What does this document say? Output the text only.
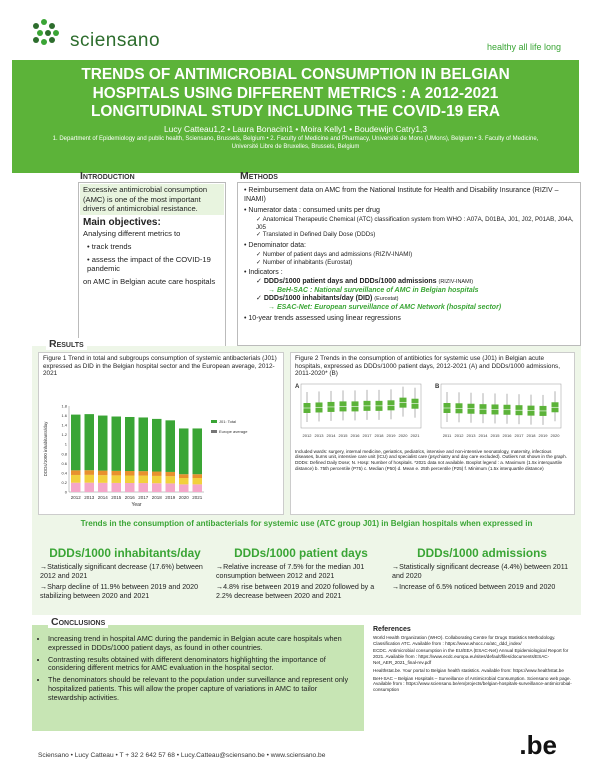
sciensano	healthy all life long
TRENDS OF ANTIMICROBIAL CONSUMPTION IN BELGIAN
HOSPITALS USING DIFFERENT METRICS : A 2012-2021
LONGITUDINAL STUDY INCLUDING THE COVID-19 ERA
Lucy Catteau1,2 • Laura Bonacini1 • Moira Kelly1 • Boudewijn Catry1,3
1. Department of Epidemiology and public health, Sciensano, Brussels, Belgium • 2. Faculty of Medicine and Pharmacy, Université de Mons (UMons), Belgium • 3. Faculty of Medicine, Université Libre de Bruxelles, Brussels, Belgium
Introduction
Excessive antimicrobial consumption (AMC) is one of the most important drivers of antimicrobial resistance.
Main objectives:
Analysing different metrics to
• track trends
• assess the impact of the COVID-19 pandemic
on AMC in Belgian acute care hospitals
Methods
• Reimbursement data on AMC from the National Institute for Health and Disability Insurance (RIZIV – INAMI)
• Numerator data : consumed units per drug
✓ Anatomical Therapeutic Chemical (ATC) classification system from WHO : A07A, D01BA, J01, J02, P01AB, J04A, J05
✓ Translated in Defined Daily Dose (DDDs)
• Denominator data:
✓ Number of patient days and admissions (RIZIV-INAMI)
✓ Number of inhabitants (Eurostat)
• Indicators :
✓ DDDs/1000 patient days and DDDs/1000 admissions (RIZIV-INAMI)
→ BeH-SAC : National surveillance of AMC in Belgian hospitals
✓ DDDs/1000 inhabitants/day (DID) (Eurostat)
→ ESAC-Net: European surveillance of AMC Network (hospital sector)
• 10-year trends assessed using linear regressions
Results
Figure 1 Trend in total and subgroups consumption of systemic antibacterials (J01) expressed as DID in the Belgian hospital sector and the European average, 2012-2021
2012 2013 2014 2015 2016 2017 2018 2019 2020 2021
0
0.2
0.4
0.6
0.8
1
1.2
1.4
1.6
1.8
DDDs/1000 inhabitants/day
Year
J01: Total
Europe average
Figure 2 Trends in the consumption of antibiotics for systemic use (J01) in Belgian acute hospitals, expressed as DDDs/1000 patient days, 2012-2021 (A) and DDDs/1000 admissions, 2011-2020* (B)
A
2012 2013 2014 2015 2016 2017 2018 2019 2020 2021
B
2011 2012 2013 2014 2015 2016 2017 2018 2019 2020
Included wards: surgery, internal medicine, geriatrics, pediatrics, intensive and non-intensive neonatology, maternity, infectious diseases, burns unit, intensive care unit (ICU) and specialist care (psychiatry and day care excluded). Outliers not shown in the graph. DDDs: Defined Daily Dose; N. Hosp: Number of hospitals. *2021 data not available. Boxplot legend : a. Maximum (1.5x interquartile distance) b. 75th percentile (P75) c. Median (P50) d. Mean e. 25th percentile (P25) f. Minimum (1.5x interquartile distance)
Trends in the consumption of antibacterials for systemic use (ATC group J01) in Belgian hospitals when expressed in
DDDs/1000 inhabitants/day
→Statistically significant decrease (17.6%) between 2012 and 2021
→Sharp decline of 11.9% between 2019 and 2020 stabilizing between 2020 and 2021
DDDs/1000 patient days
→Relative increase of 7.5% for the median J01 consumption between 2012 and 2021
→4.8% rise between 2019 and 2020 followed by a 2.2% decrease between 2020 and 2021
DDDs/1000 admissions
→Statistically significant decrease (4.4%) between 2011 and 2020
→Increase of 6.5% noticed between 2019 and 2020
Conclusions
• Increasing trend in hospital AMC during the pandemic in Belgian acute care hospitals when expressed in DDDs/1000 patient days, as found in other countries.
• Contrasting results obtained with different denominators highlighting the importance of considering different metrics for AMC evaluation in the hospital sector.
• The denominators should be relevant to the population under surveillance and represent only hospitalized patients. This will allow the proper capture of variations in AMC to tailor stewardship activities.
References
World Health Organization (WHO). Collaborating Centre for Drugs Statistics Methodology. Classification ATC. Available from : https://www.whocc.no/atc_ddd_index/
ECDC. Antimicrobial consumption in the EU/EEA (ESAC-Net) Annual Epidemiological Report for 2021. Available from : https://www.ecdc.europa.eu/sites/default/files/documents/ESAC-Net_AER_2021_final-rev.pdf
Healthstat.be. Your portal to Belgian health statistics. Available from: https://www.healthstat.be
BeH-SAC – Belgian Hospitals – Surveillance of Antimicrobial Consumption. Sciensano web page. Available from : https://www.sciensano.be/en/projects/belgian-hospitals-surveillance-antimicrobial-consumption
Sciensano • Lucy Catteau • T + 32 2 642 57 68 • Lucy.Catteau@sciensano.be • www.sciensano.be	.be
